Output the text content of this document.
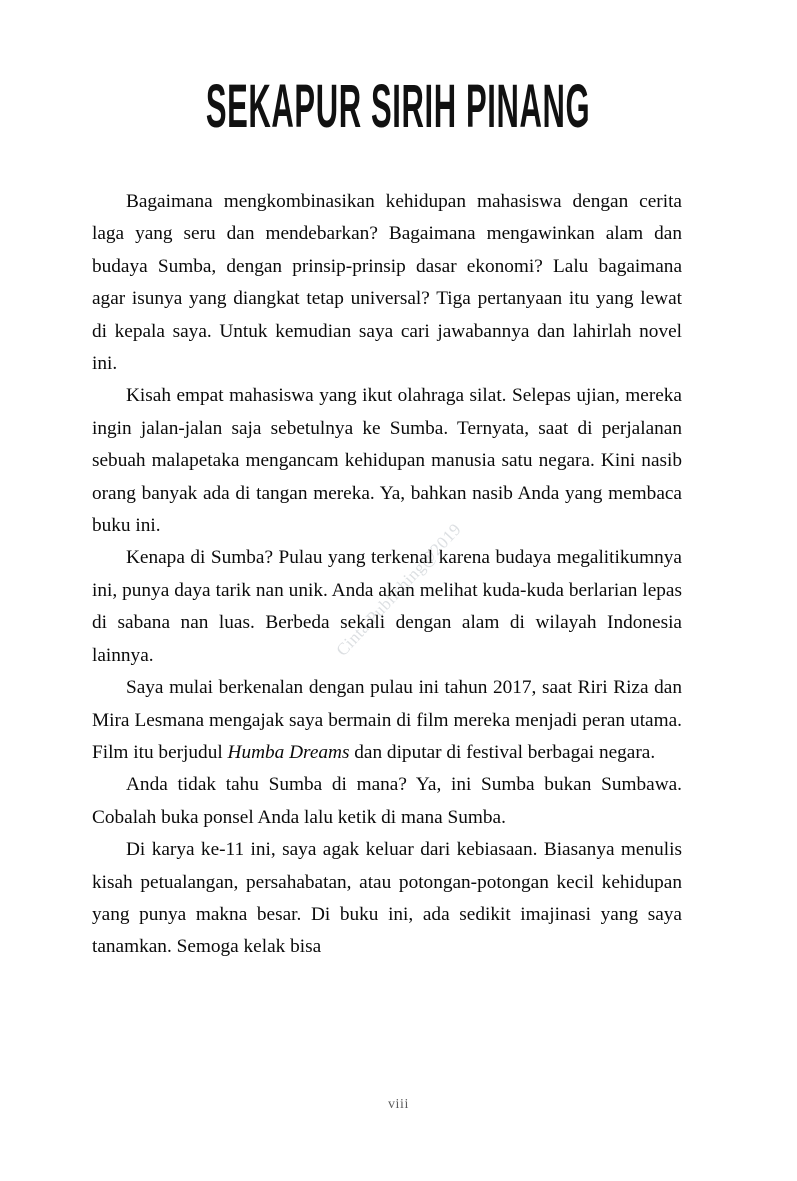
Cinta Publishing@2019
SEKAPUR SIRIH PINANG

Bagaimana mengkombinasikan kehidupan mahasiswa dengan cerita laga yang seru dan mendebarkan? Bagaimana mengawinkan alam dan budaya Sumba, dengan prinsip-prinsip dasar ekonomi? Lalu bagaimana agar isunya yang diangkat tetap universal? Tiga pertanyaan itu yang lewat di kepala saya. Untuk kemudian saya cari jawabannya dan lahirlah novel ini.

Kisah empat mahasiswa yang ikut olahraga silat. Selepas ujian, mereka ingin jalan-jalan saja sebetulnya ke Sumba. Ternyata, saat di perjalanan sebuah malapetaka mengancam kehidupan manusia satu negara. Kini nasib orang banyak ada di tangan mereka. Ya, bahkan nasib Anda yang membaca buku ini.

Kenapa di Sumba? Pulau yang terkenal karena budaya megalitikumnya ini, punya daya tarik nan unik. Anda akan melihat kuda-kuda berlarian lepas di sabana nan luas. Berbeda sekali dengan alam di wilayah Indonesia lainnya.

Saya mulai berkenalan dengan pulau ini tahun 2017, saat Riri Riza dan Mira Lesmana mengajak saya bermain di film mereka menjadi peran utama. Film itu berjudul Humba Dreams dan diputar di festival berbagai negara.

Anda tidak tahu Sumba di mana? Ya, ini Sumba bukan Sumbawa. Cobalah buka ponsel Anda lalu ketik di mana Sumba.

Di karya ke-11 ini, saya agak keluar dari kebiasaan. Biasanya menulis kisah petualangan, persahabatan, atau potongan-potongan kecil kehidupan yang punya makna besar. Di buku ini, ada sedikit imajinasi yang saya tanamkan. Semoga kelak bisa

viii
